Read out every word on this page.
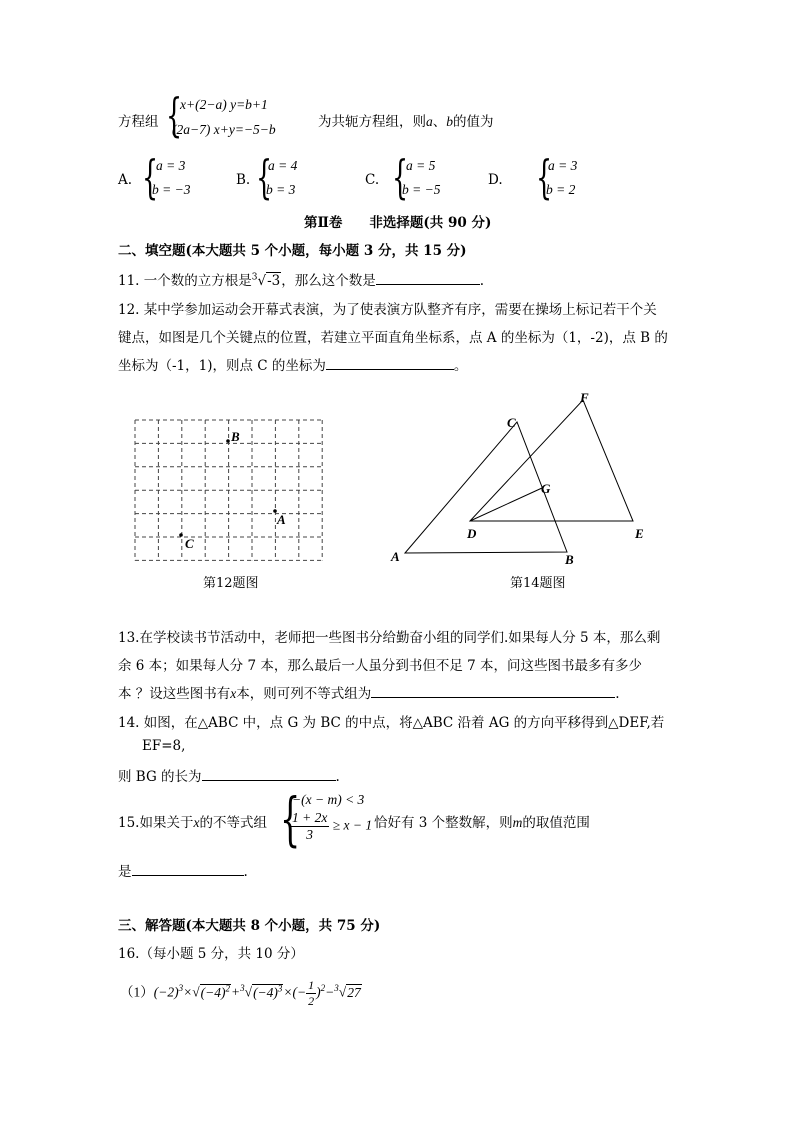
方程组 {
x+(2−a) y=b+1
(2a−7) x+y=−5−b	为共轭方程组，则a、b的值为
A. {
a = 3
b = −3
B. {
a = 4
b = 3
C. {
a = 5
b = −5
D. {
a = 3
b = 2
第Ⅱ卷　　非选择题(共 90 分)
二、填空题(本大题共 5 个小题，每小题 3 分，共 15 分)
11. 一个数的立方根是$^3$√-3，那么这个数是	.
12. 某中学参加运动会开幕式表演，为了使表演方队整齐有序，需要在操场上标记若干个关
键点，如图是几个关键点的位置，若建立平面直角坐标系，点 A 的坐标为（1，-2)，点 B 的
坐标为（-1，1)，则点 C 的坐标为	。
B
A
C
第12题图
A	B
C
D	E
F
G
第14题图
13.在学校读书节活动中，老师把一些图书分给勤奋小组的同学们.如果每人分 5 本，那么剩
余 6 本；如果每人分 7 本，那么最后一人虽分到书但不足 7 本，问这些图书最多有多少
本 ？设这些图书有x本，则可列不等式组为	.
14. 如图，在△ABC 中，点 G 为 BC 的中点，将△ABC 沿着 AG 的方向平移得到△DEF,若
EF=8,
则 BG 的长为	.
15.如果关于x的不等式组 {
−(x − m) < 3
$\frac{1 + 2x}{3} \ge x - 1$ 恰好有 3 个整数解，则m的取值范围
是	.
三、解答题(本大题共 8 个小题，共 75 分)
16.（每小题 5 分，共 10 分）
$(1)(-2)^3\times√(-4)^2+^3√(-4)^3\times(- \frac{1}{2} )^2-^3√27$
